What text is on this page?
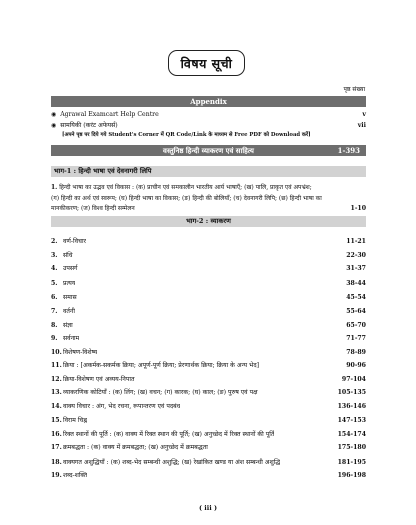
विषय सूची
पृष्ठ संख्या
Appendix
◉ Agrawal Examcart Help Centre	v
◉ सामयिकी (करंट अफेयर्स)	vii
[अपने पृष्ठ पर दिये गये Student's Corner में QR Code/Link के माध्यम से Free PDF को Download करें]
वस्तुनिष्ठ हिन्दी व्याकरण एवं साहित्य	1-393
भाग-1 : हिन्दी भाषा एवं देवनागरी लिपि
1. हिन्दी भाषा का उद्भव एवं विकास : (क) प्राचीन एवं समकालीन भारतीय आर्य भाषाएँ; (ख) पालि, प्राकृत एवं अपभ्रंश;
(ग) हिन्दी का अर्थ एवं स्वरूप; (घ) हिन्दी भाषा का विकास; (ङ) हिन्दी की बोलियाँ; (च) देवनागरी लिपि; (छ) हिन्दी भाषा का
मानकीकरण; (ज) विश्व हिन्दी सम्मेलन	1-10
भाग-2 : व्याकरण
2. वर्ण-विचार	11-21
3. संधि	22-30
4. उपसर्ग	31-37
5. प्रत्यय	38-44
6. समास	45-54
7. वर्तनी	55-64
8. संज्ञा	65-70
9. सर्वनाम	71-77
10. विशेषण-विशेष्य	78-89
11. क्रिया : [अकर्मक-सकर्मक क्रिया; अपूर्ण-पूर्ण क्रिया; प्रेरणार्थक क्रिया; क्रिया के अन्य भेद]	90-96
12. क्रिया-विशेषण एवं अव्यय-निपात	97-104
13. व्याकरणिक कोटियाँ : (क) लिंग; (ख) वचन; (ग) कारक; (घ) काल; (ङ) पुरुष एवं पक्ष	105-135
14. वाक्य विचार : अंग, भेद रचना, रूपान्तरण एवं पदबंध	136-146
15. विराम चिह्न	147-153
16. रिक्त स्थानों की पूर्ति : (क) वाक्य में रिक्त स्थान की पूर्ति; (ख) अनुच्छेद में रिक्त स्थानों की पूर्ति	154-174
17. क्रमबद्धता : (क) वाक्य में क्रमबद्धता; (ख) अनुच्छेद में क्रमबद्धता	175-180
18. वाक्यगत अशुद्धियाँ : (क) शब्द-भेद सम्बन्धी अशुद्धि; (ख) रेखांकित खण्ड या अंश सम्बन्धी अशुद्धि	181-195
19. शब्द-शक्ति	196-198
( iii )
